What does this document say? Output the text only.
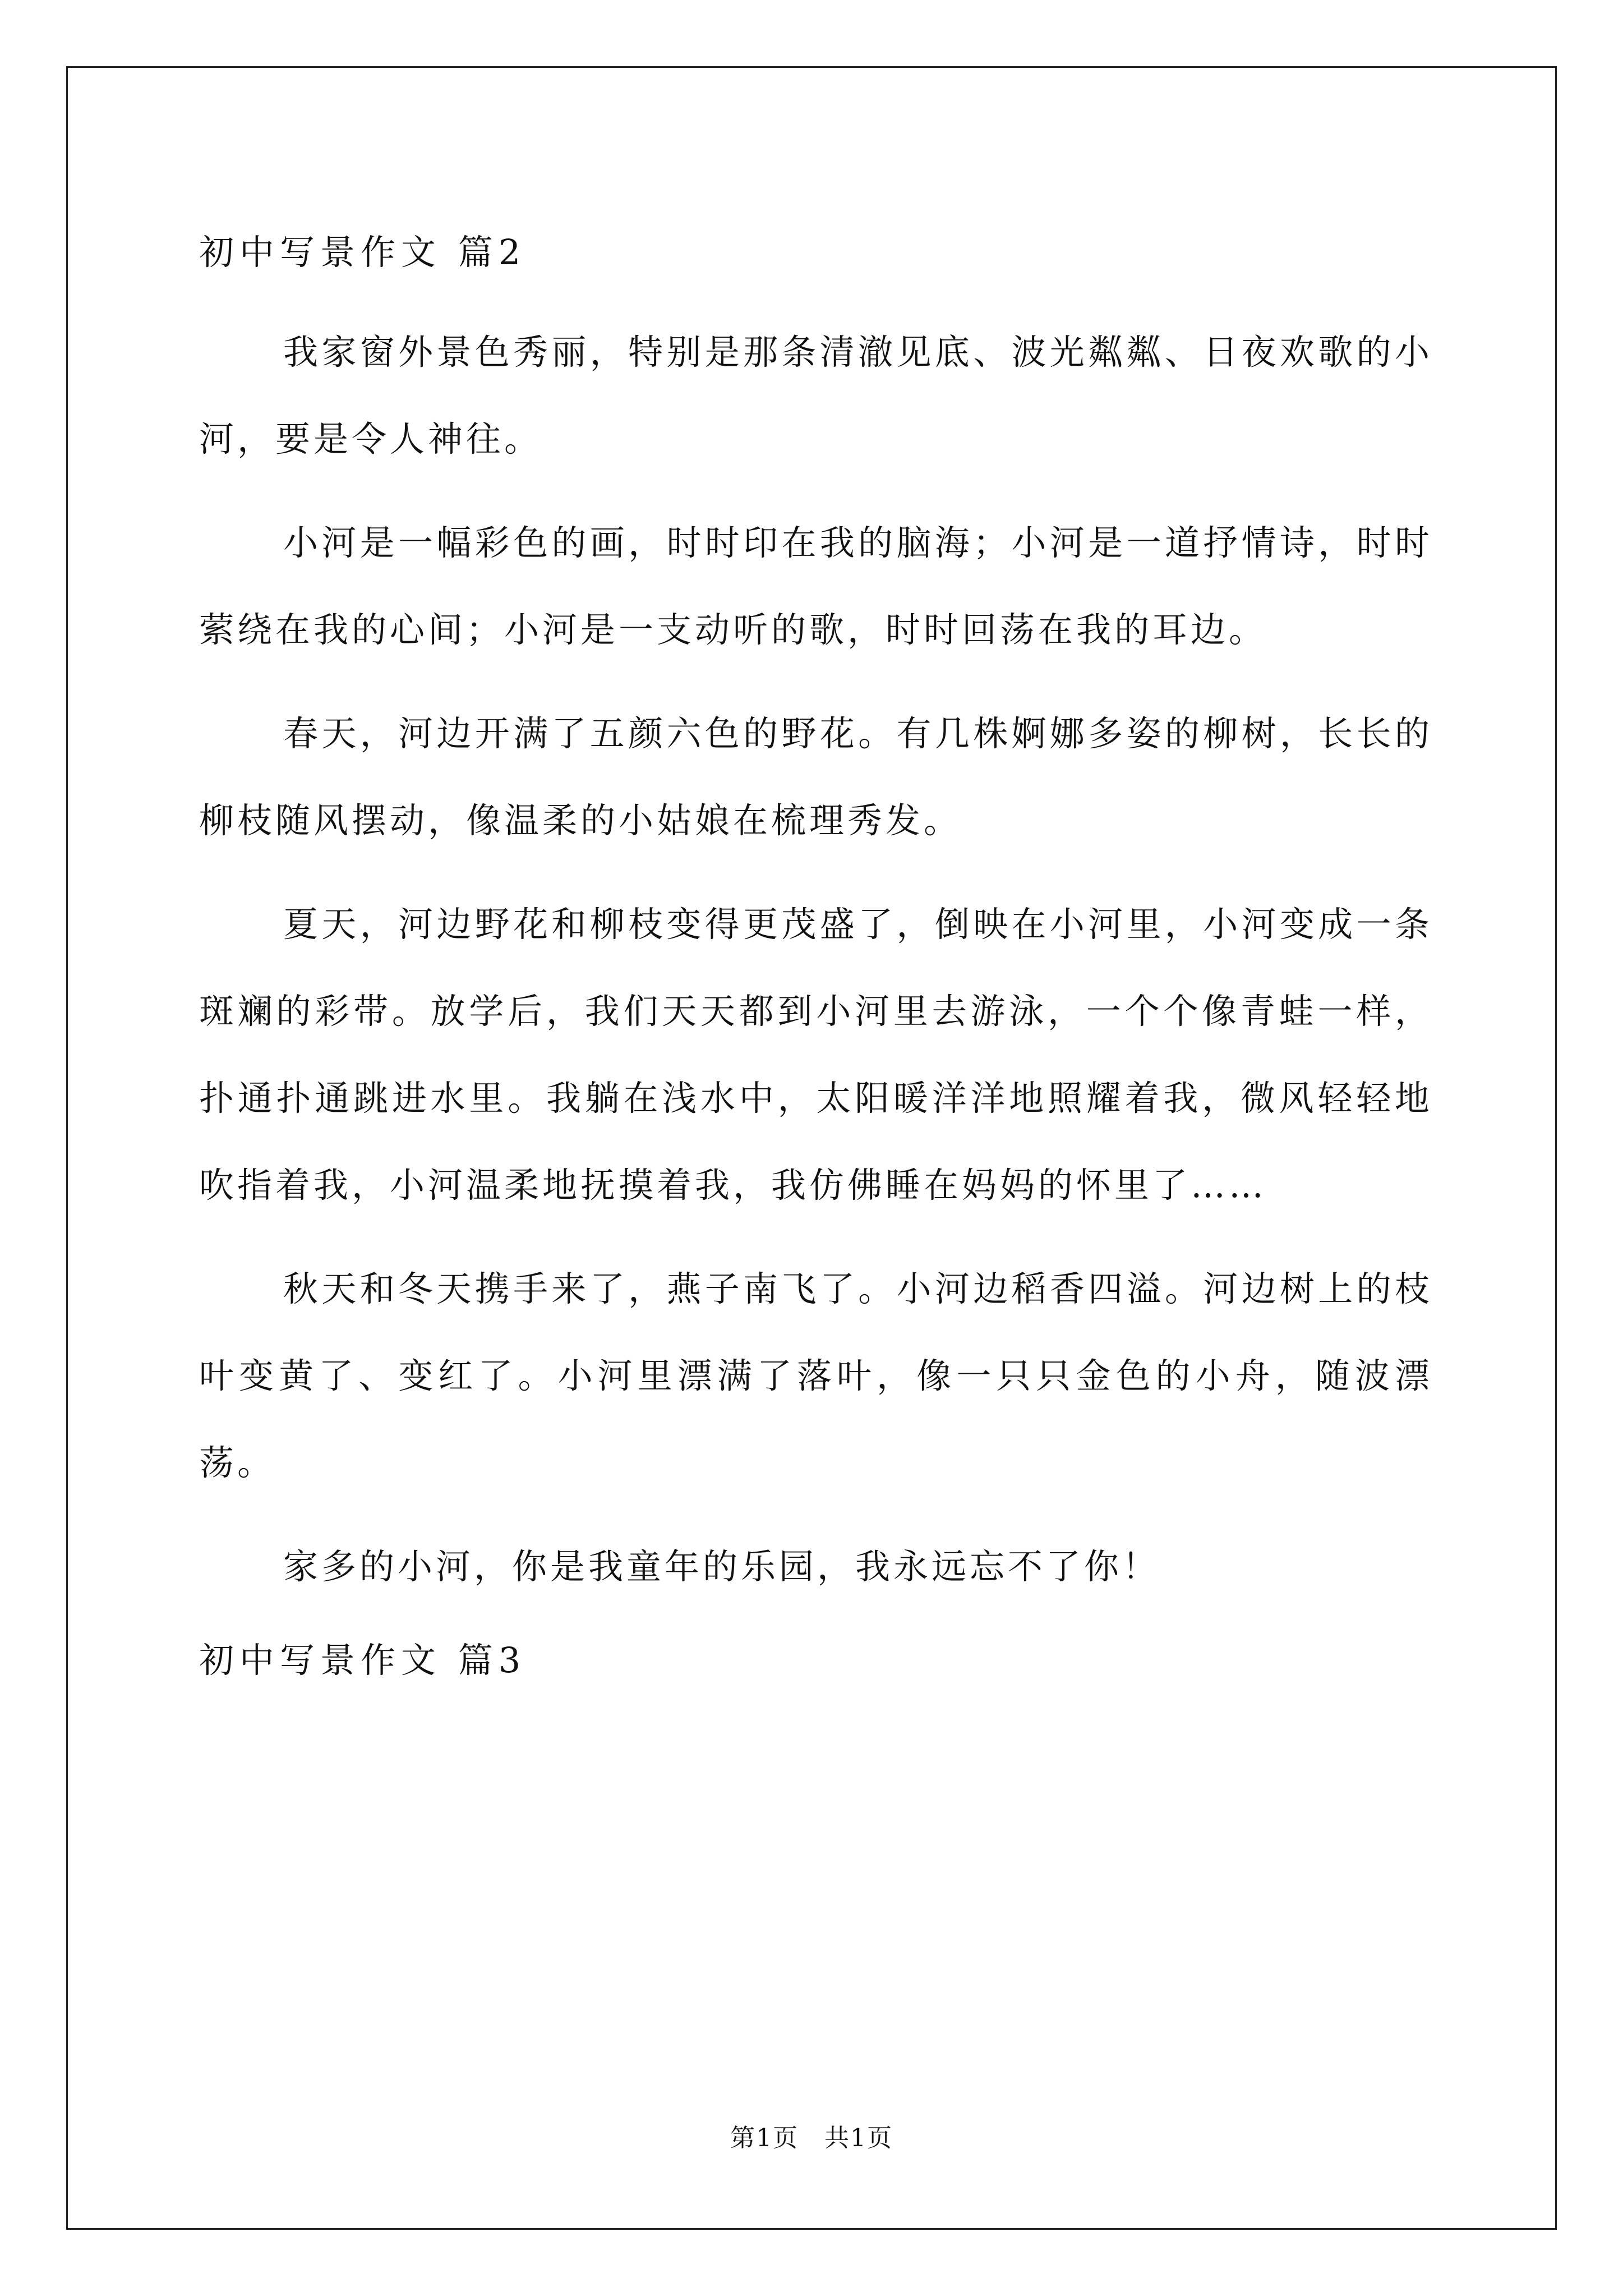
初中写景作文 篇2

我家窗外景色秀丽，特别是那条清澈见底、波光粼粼、日夜欢歌的小河，要是令人神往。

小河是一幅彩色的画，时时印在我的脑海；小河是一道抒情诗，时时萦绕在我的心间；小河是一支动听的歌，时时回荡在我的耳边。

春天，河边开满了五颜六色的野花。有几株婀娜多姿的柳树，长长的柳枝随风摆动，像温柔的小姑娘在梳理秀发。

夏天，河边野花和柳枝变得更茂盛了，倒映在小河里，小河变成一条斑斓的彩带。放学后，我们天天都到小河里去游泳，一个个像青蛙一样，扑通扑通跳进水里。我躺在浅水中，太阳暖洋洋地照耀着我，微风轻轻地吹指着我，小河温柔地抚摸着我，我仿佛睡在妈妈的怀里了……

秋天和冬天携手来了，燕子南飞了。小河边稻香四溢。河边树上的枝叶变黄了、变红了。小河里漂满了落叶，像一只只金色的小舟，随波漂荡。

家多的小河，你是我童年的乐园，我永远忘不了你！

初中写景作文 篇3
第1页　共1页
